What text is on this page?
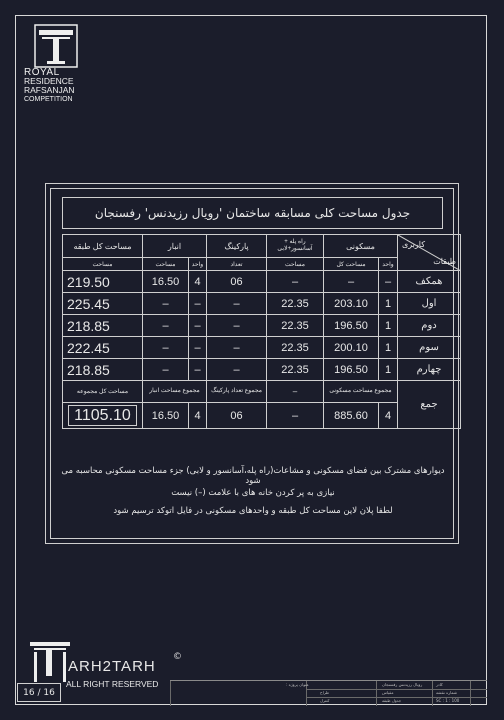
ROYAL
RESIDENCE
RAFSANJAN
COMPETITION
جدول مساحت کلی مسابقه ساختمان 'رویال رزیدنس' رفسنجان
کاربری
طبقات	مسکونی		راه پله + آسانسور+لابی	پارکینگ	انبار		مساحت کل طبقه
	واحد	مساحت کل	مساحت	تعداد	واحد	مساحت	مساحت
همکف	–	–	–	06	4	16.50	219.50
اول	1	203.10	22.35	–	–	–	225.45
دوم	1	196.50	22.35	–	–	–	218.85
سوم	1	200.10	22.35	–	–	–	222.45
چهارم	1	196.50	22.35	–	–	–	218.85
جمع	مجموع مساحت مسکونی		–	مجموع تعداد پارکینگ	مجموع مساحت انبار		مساحت کل مجموعه
	4	885.60	–	06	4	16.50	1105.10
دیوارهای مشترک بین فضای مسکونی و مشاعات(راه پله،آسانسور و لابی) جزء مساحت مسکونی محاسبه می شود
نیازی به پر کردن خانه های با علامت (–) نیست
لطفا پلان لاین مساحت کل طبقه و واحدهای مسکونی در فایل اتوکد ترسیم شود
ARH2TARH
ALL RIGHT RESERVED
©
16 / 16
عنوان پروژه :	رویال رزیدنس رفسنجان
طراح
کنترل
مقیاس
جدول طبقه	SC : 1 : 100
کادر
شماره نقشه
